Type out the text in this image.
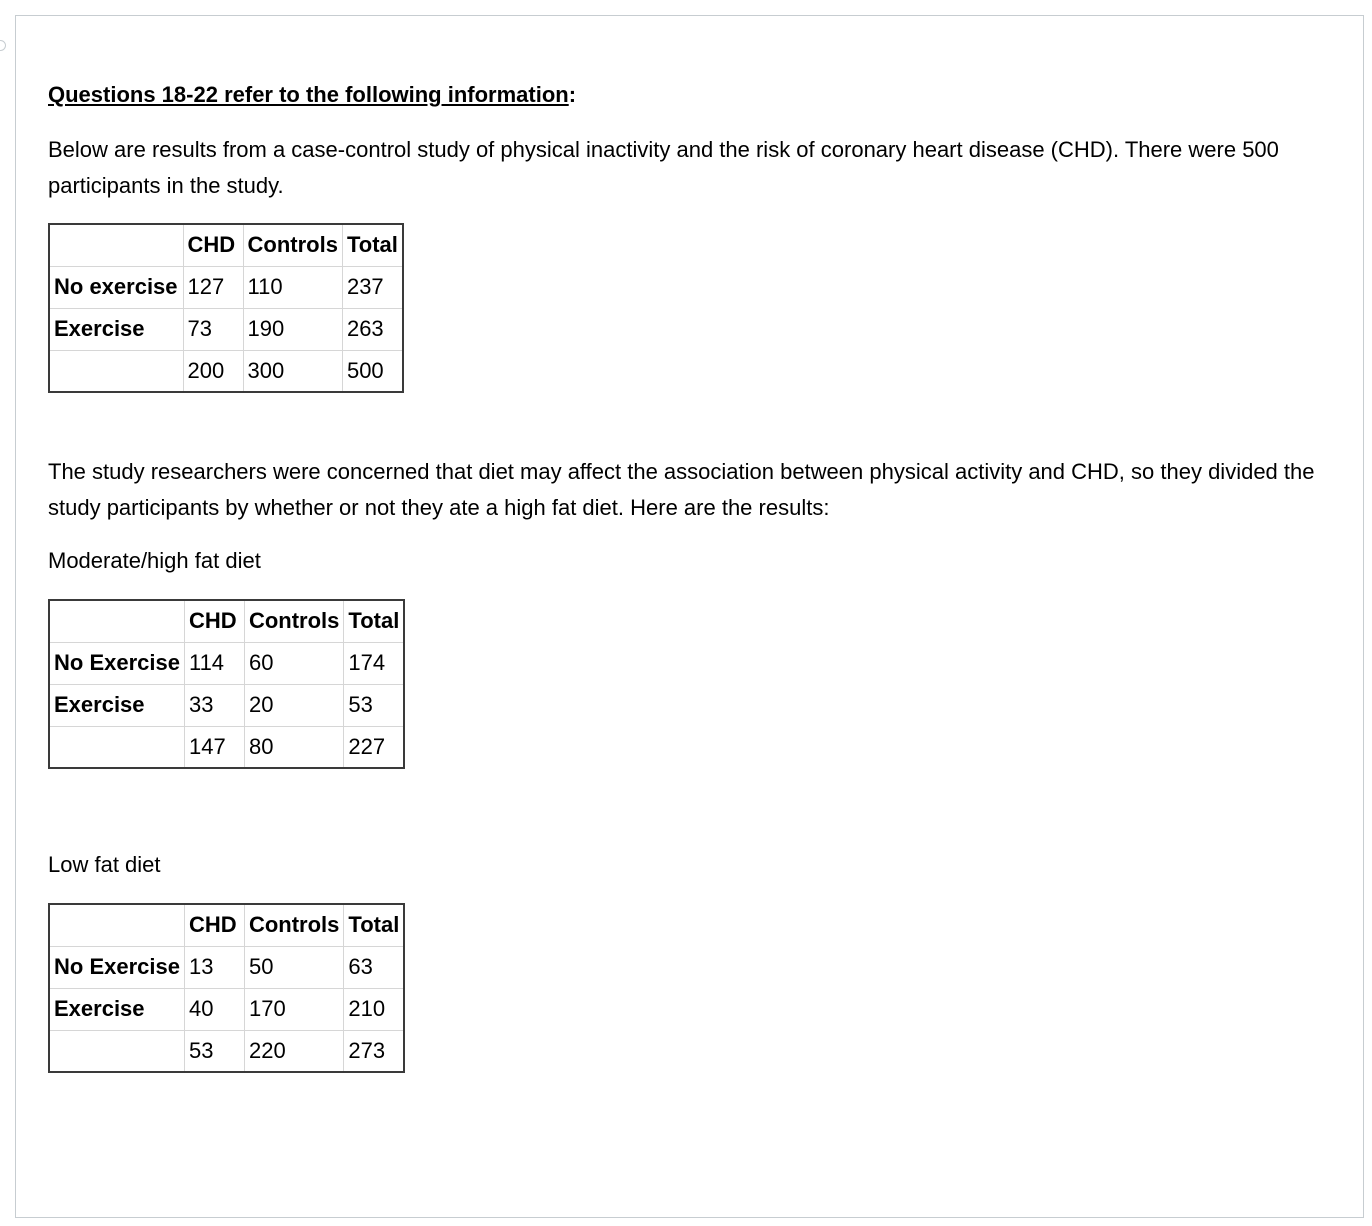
Questions 18-22 refer to the following information:

Below are results from a case-control study of physical inactivity and the risk of coronary heart disease (CHD). There were 500 participants in the study.

	CHD	Controls	Total
No exercise	127	110	237
Exercise	73	190	263
	200	300	500

The study researchers were concerned that diet may affect the association between physical activity and CHD, so they divided the study participants by whether or not they ate a high fat diet. Here are the results:

Moderate/high fat diet

	CHD	Controls	Total
No Exercise	114	60	174
Exercise	33	20	53
	147	80	227

Low fat diet

	CHD	Controls	Total
No Exercise	13	50	63
Exercise	40	170	210
	53	220	273
